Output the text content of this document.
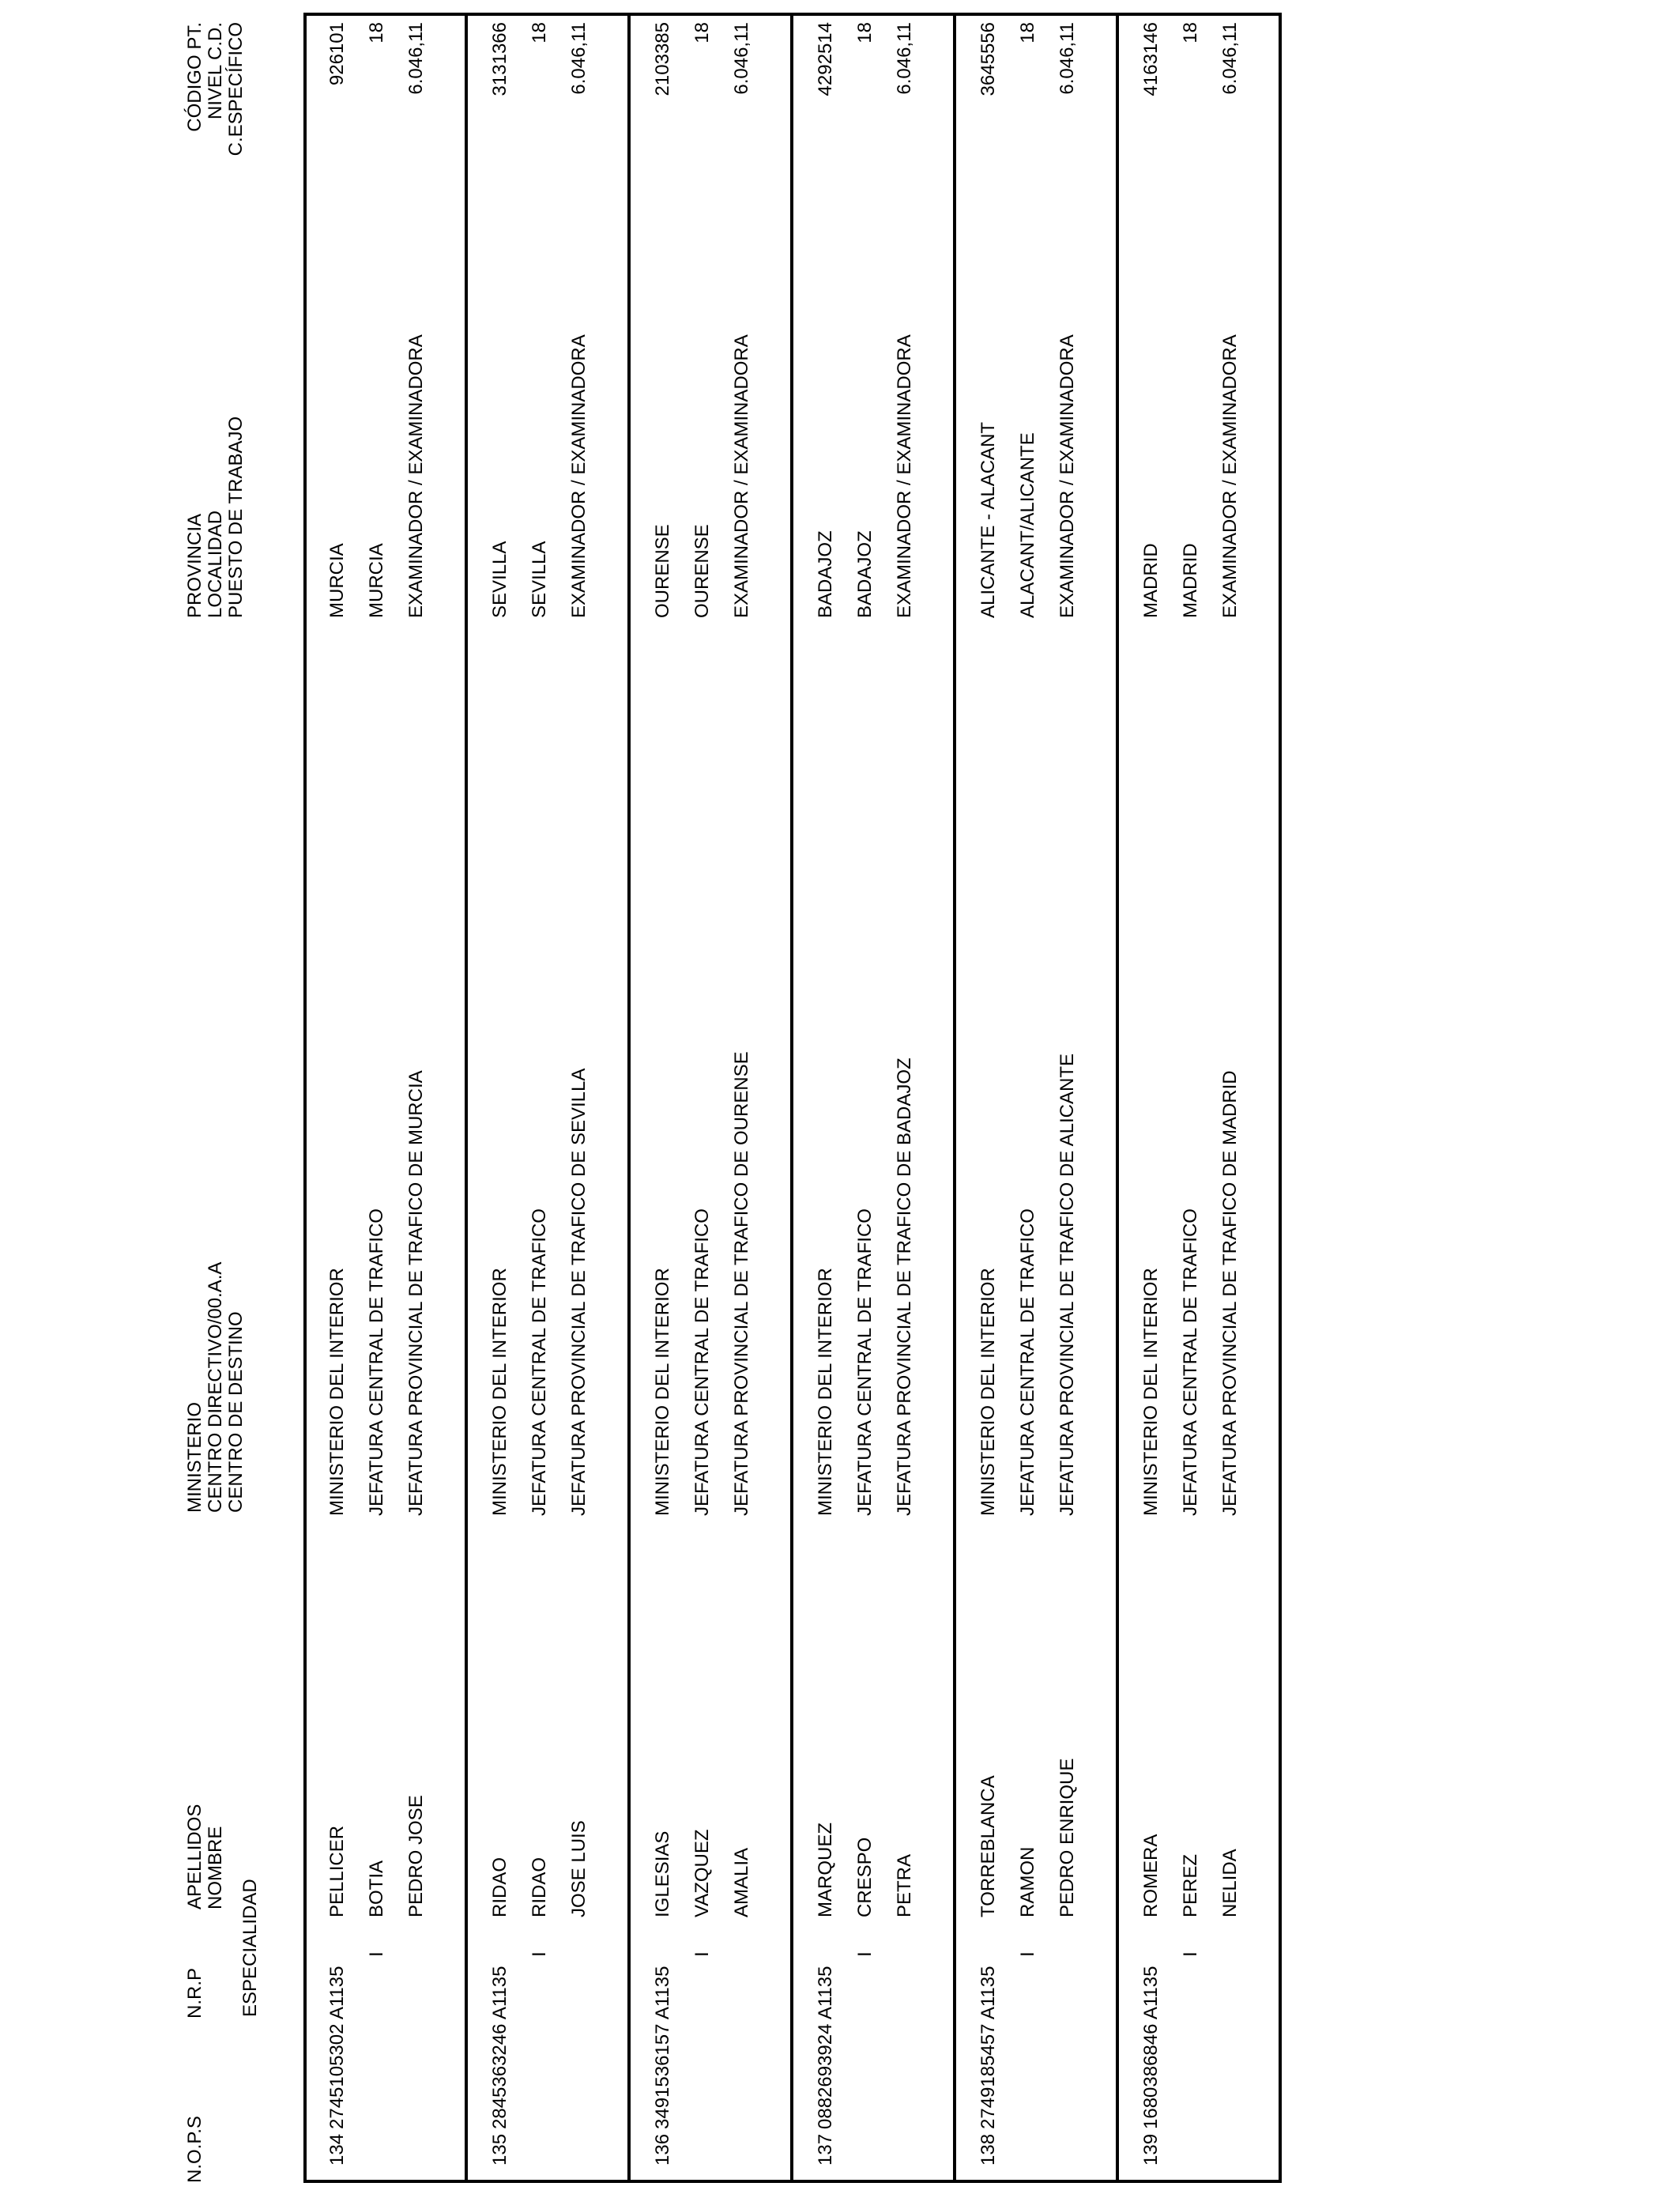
N.O.P.S
N.R.P ESPECIALIDAD
APELLIDOS NOMBRE
MINISTERIO CENTRO DIRECTIVO/00.A.A CENTRO DE DESTINO
PROVINCIA LOCALIDAD PUESTO DE TRABAJO
CÓDIGO PT. NIVEL C.D. C.ESPECÍFICO
134
2745105302 A1135
I
PELLICER BOTIA PEDRO JOSE
MINISTERIO DEL INTERIOR JEFATURA CENTRAL DE TRAFICO JEFATURA PROVINCIAL DE TRAFICO DE MURCIA
MURCIA MURCIA EXAMINADOR / EXAMINADORA
926101 18 6.046,11
135
2845363246 A1135
I
RIDAO RIDAO JOSE LUIS
MINISTERIO DEL INTERIOR JEFATURA CENTRAL DE TRAFICO JEFATURA PROVINCIAL DE TRAFICO DE SEVILLA
SEVILLA SEVILLA EXAMINADOR / EXAMINADORA
3131366 18 6.046,11
136
3491536157 A1135
I
IGLESIAS VAZQUEZ AMALIA
MINISTERIO DEL INTERIOR JEFATURA CENTRAL DE TRAFICO JEFATURA PROVINCIAL DE TRAFICO DE OURENSE
OURENSE OURENSE EXAMINADOR / EXAMINADORA
2103385 18 6.046,11
137
0882693924 A1135
I
MARQUEZ CRESPO PETRA
MINISTERIO DEL INTERIOR JEFATURA CENTRAL DE TRAFICO JEFATURA PROVINCIAL DE TRAFICO DE BADAJOZ
BADAJOZ BADAJOZ EXAMINADOR / EXAMINADORA
4292514 18 6.046,11
138
2749185457 A1135
I
TORREBLANCA RAMON PEDRO ENRIQUE
MINISTERIO DEL INTERIOR JEFATURA CENTRAL DE TRAFICO JEFATURA PROVINCIAL DE TRAFICO DE ALICANTE
ALICANTE - ALACANT ALACANT/ALICANTE EXAMINADOR / EXAMINADORA
3645556 18 6.046,11
139
1680386846 A1135
I
ROMERA PEREZ NELIDA
MINISTERIO DEL INTERIOR JEFATURA CENTRAL DE TRAFICO JEFATURA PROVINCIAL DE TRAFICO DE MADRID
MADRID MADRID EXAMINADOR / EXAMINADORA
4163146 18 6.046,11
